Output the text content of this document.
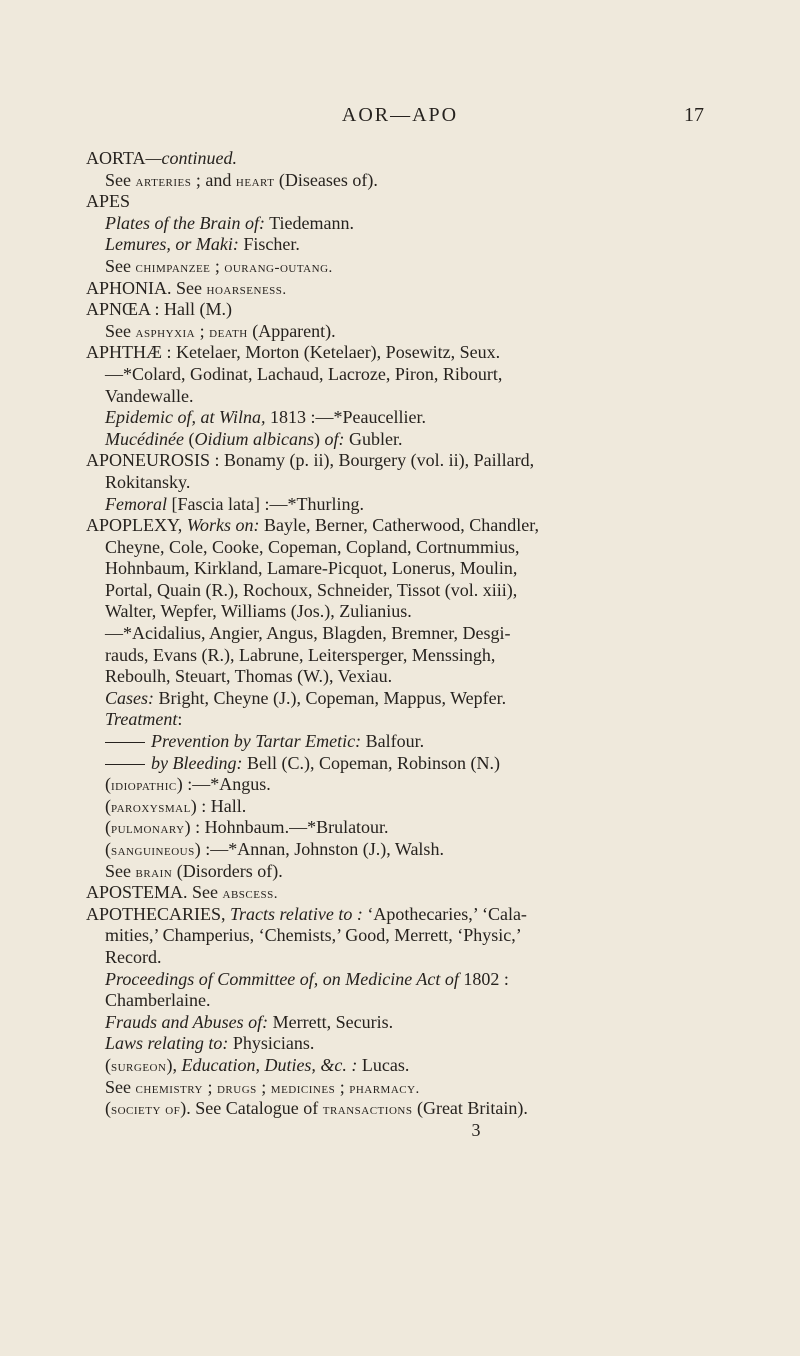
AOR—APO	17
AORTA—continued.
See arteries ; and heart (Diseases of).
APES
Plates of the Brain of: Tiedemann.
Lemures, or Maki: Fischer.
See chimpanzee ; ourang-outang.
APHONIA. See hoarseness.
APNŒA : Hall (M.)
See asphyxia ; death (Apparent).
APHTHÆ : Ketelaer, Morton (Ketelaer), Posewitz, Seux.
—*Colard, Godinat, Lachaud, Lacroze, Piron, Ribourt,
Vandewalle.
Epidemic of, at Wilna, 1813 :—*Peaucellier.
Mucédinée (Oidium albicans) of: Gubler.
APONEUROSIS : Bonamy (p. ii), Bourgery (vol. ii), Paillard,
Rokitansky.
Femoral [Fascia lata] :—*Thurling.
APOPLEXY, Works on: Bayle, Berner, Catherwood, Chandler,
Cheyne, Cole, Cooke, Copeman, Copland, Cortnummius,
Hohnbaum, Kirkland, Lamare-Picquot, Lonerus, Moulin,
Portal, Quain (R.), Rochoux, Schneider, Tissot (vol. xiii),
Walter, Wepfer, Williams (Jos.), Zulianius.
—*Acidalius, Angier, Angus, Blagden, Bremner, Desgi-
rauds, Evans (R.), Labrune, Leitersperger, Menssingh,
Reboulh, Steuart, Thomas (W.), Vexiau.
Cases: Bright, Cheyne (J.), Copeman, Mappus, Wepfer.
Treatment:
Prevention by Tartar Emetic: Balfour.
by Bleeding: Bell (C.), Copeman, Robinson (N.)
(idiopathic) :—*Angus.
(paroxysmal) : Hall.
(pulmonary) : Hohnbaum.—*Brulatour.
(sanguineous) :—*Annan, Johnston (J.), Walsh.
See brain (Disorders of).
APOSTEMA. See abscess.
APOTHECARIES, Tracts relative to : ‘Apothecaries,’ ‘Cala-
mities,’ Champerius, ‘Chemists,’ Good, Merrett, ‘Physic,’
Record.
Proceedings of Committee of, on Medicine Act of 1802 :
Chamberlaine.
Frauds and Abuses of: Merrett, Securis.
Laws relating to: Physicians.
(surgeon), Education, Duties, &c. : Lucas.
See chemistry ; drugs ; medicines ; pharmacy.
(society of). See Catalogue of transactions (Great Britain).
3
